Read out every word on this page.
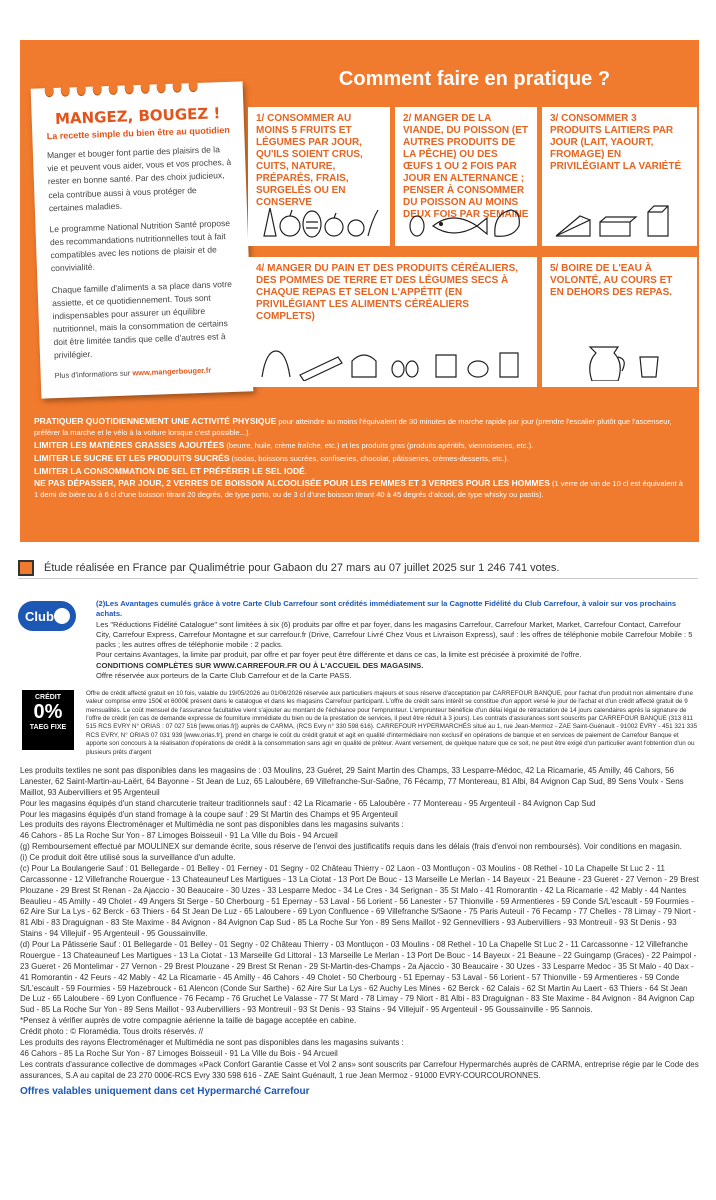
Comment faire en pratique ?
MANGEZ, BOUGEZ !
La recette simple du bien être au quotidien

Manger et bouger font partie des plaisirs de la vie et peuvent vous aider, vous et vos proches, à rester en bonne santé. Par des choix judicieux, cela contribue aussi à vous protéger de certaines maladies.

Le programme National Nutrition Santé propose des recommandations nutritionnelles tout à fait compatibles avec les notions de plaisir et de convivialité.

Chaque famille d'aliments a sa place dans votre assiette, et ce quotidiennement. Tous sont indispensables pour assurer un équilibre nutritionnel, mais la consommation de certains doit être limitée tandis que celle d'autres est à privilégier.

Plus d'informations sur www.mangerbouger.fr
1/ CONSOMMER AU MOINS 5 FRUITS ET LÉGUMES PAR JOUR, QU'ILS SOIENT CRUS, CUITS, NATURE, PRÉPARÉS, FRAIS, SURGELÉS OU EN CONSERVE
2/ MANGER DE LA VIANDE, DU POISSON (ET AUTRES PRODUITS DE LA PÊCHE) OU DES ŒUFS 1 OU 2 FOIS PAR JOUR EN ALTERNANCE ; PENSER À CONSOMMER DU POISSON AU MOINS DEUX FOIS PAR SEMAINE
3/ CONSOMMER 3 PRODUITS LAITIERS PAR JOUR (LAIT, YAOURT, FROMAGE) EN PRIVILÉGIANT LA VARIÉTÉ
4/ MANGER DU PAIN ET DES PRODUITS CÉRÉALIERS, DES POMMES DE TERRE ET DES LÉGUMES SECS À CHAQUE REPAS ET SELON L'APPÉTIT (EN PRIVILÉGIANT LES ALIMENTS CÉRÉALIERS COMPLETS)
5/ BOIRE DE L'EAU À VOLONTÉ, AU COURS ET EN DEHORS DES REPAS.
PRATIQUER QUOTIDIENNEMENT UNE ACTIVITÉ PHYSIQUE pour atteindre au moins l'équivalent de 30 minutes de marche rapide par jour (prendre l'escalier plutôt que l'ascenseur, préférer la marche et le vélo à la voiture lorsque c'est possible...).
LIMITER LES MATIÈRES GRASSES AJOUTÉES (beurre, huile, crème fraîche, etc.) et les produits gras (produits apéritifs, viennoiseries, etc.).
LIMITER LE SUCRE ET LES PRODUITS SUCRÉS (sodas, boissons sucrées, confiseries, chocolat, pâtisseries, crèmes-desserts, etc.).
LIMITER LA CONSOMMATION DE SEL ET PRÉFÉRER LE SEL IODÉ.
NE PAS DÉPASSER, PAR JOUR, 2 VERRES DE BOISSON ALCOOLISÉE POUR LES FEMMES ET 3 VERRES POUR LES HOMMES (1 verre de vin de 10 cl est équivalent à 1 demi de bière ou à 6 cl d'une boisson titrant 20 degrés, de type porto, ou de 3 cl d'une boisson titrant 40 à 45 degrés d'alcool, de type whisky ou pastis).
Étude réalisée en France par Qualimétrie pour Gabaon du 27 mars au 07 juillet 2025 sur 1 246 741 votes.
Club
(2)Les Avantages cumulés grâce à votre Carte Club Carrefour sont crédités immédiatement sur la Cagnotte Fidélité du Club Carrefour, à valoir sur vos prochains achats.
Les "Réductions Fidélité Catalogue" sont limitées à six (6) produits par offre et par foyer, dans les magasins Carrefour, Carrefour Market, Market, Carrefour Contact, Carrefour City, Carrefour Express, Carrefour Montagne et sur carrefour.fr (Drive, Carrefour Livré Chez Vous et Livraison Express), sauf : les offres de téléphonie mobile Carrefour Mobile : 5 packs ; les autres offres de téléphonie mobile : 2 packs.
Pour certains Avantages, la limite par produit, par offre et par foyer peut être différente et dans ce cas, la limite est précisée à proximité de l'offre.
CONDITIONS COMPLÈTES SUR WWW.CARREFOUR.FR OU À L'ACCUEIL DES MAGASINS.
Offre réservée aux porteurs de la Carte Club Carrefour et de la Carte PASS.
CRÉDIT
0%
TAEG FIXE
Offre de crédit affecté gratuit en 10 fois, valable du 19/05/2026 au 01/06/2026 réservée aux particuliers majeurs et sous réserve d'acceptation par CARREFOUR BANQUE, pour l'achat d'un produit non alimentaire d'une valeur comprise entre 150€ et 6000€ présent dans le catalogue et dans les magasins Carrefour participant. L'offre de crédit sans intérêt se constitue d'un apport versé le jour de l'achat et d'un crédit affecté gratuit de 9 mensualités. Le coût mensuel de l'assurance facultative vient s'ajouter au montant de l'échéance pour l'emprunteur. L'emprunteur bénéficie d'un délai légal de rétractation de 14 jours calendaires après la signature de l'offre de crédit (en cas de demande expresse de fourniture immédiate du bien ou de la prestation de services, il peut être réduit à 3 jours). Les contrats d'assurances sont souscrits par CARREFOUR BANQUE (313 811 515 RCS EVRY N° ORIAS : 07 027 516 [www.orias.fr]) auprès de CARMA, (RCS Evry n° 330 598 616). CARREFOUR HYPERMARCHÉS situé au 1, rue Jean-Mermoz - ZAE Saint-Guénault - 91002 ÉVRY - 451 321 335 RCS EVRY, N° ORIAS 07 031 939 [www.orias.fr], prend en charge le coût du crédit gratuit et agit en qualité d'intermédiaire non exclusif en opérations de banque et en services de paiement de Carrefour Banque et apporte son concours à la réalisation d'opérations de crédit à la consommation sans agir en qualité de prêteur. Avant versement, de quelque nature que ce soit, ne peut être exigé d'un particulier avant l'obtention d'un ou plusieurs prêts d'argent

Les produits textiles ne sont pas disponibles dans les magasins de : 03 Moulins, 23 Guéret, 29 Saint Martin des Champs, 33 Lesparre-Médoc, 42 La Ricamarie, 45 Amilly, 46 Cahors, 56 Lanester, 62 Saint-Martin-au-Laërt, 64 Bayonne - St Jean de Luz, 65 Laloubère, 69 Villefranche-Sur-Saône, 76 Fécamp, 77 Montereau, 81 Albi, 84 Avignon Cap Sud, 89 Sens Voulx - Sens Maillot, 93 Aubervilliers et 95 Argenteuil

Pour les magasins équipés d'un stand charcuterie traiteur traditionnels sauf : 42 La Ricamarie - 65 Laloubère - 77 Montereau - 95 Argenteuil - 84 Avignon Cap Sud

Pour les magasins équipés d'un stand fromage à la coupe sauf : 29 St Martin des Champs et 95 Argenteuil

Les produits des rayons Électroménager et Multimédia ne sont pas disponibles dans les magasins suivants :

46 Cahors - 85 La Roche Sur Yon - 87 Limoges Boisseuil - 91 La Ville du Bois - 94 Arcueil

(g) Remboursement effectué par MOULINEX sur demande écrite, sous réserve de l'envoi des justificatifs requis dans les délais (frais d'envoi non remboursés). Voir conditions en magasin.

(i) Ce produit doit être utilisé sous la surveillance d'un adulte.

(c) Pour La Boulangerie Sauf : 01 Bellegarde - 01 Belley - 01 Ferney - 01 Segny - 02 Château Thierry - 02 Laon - 03 Montluçon - 03 Moulins - 08 Rethel - 10 La Chapelle St Luc 2 - 11 Carcassonne - 12 Villefranche Rouergue - 13 Chateauneuf Les Martigues - 13 La Ciotat - 13 Port De Bouc - 13 Marseille Le Merlan - 14 Bayeux - 21 Beaune - 23 Gueret - 27 Vernon - 29 Brest Plouzane - 29 Brest St Renan - 2a Ajaccio - 30 Beaucaire - 30 Uzes - 33 Lesparre Medoc - 34 Le Cres - 34 Serignan - 35 St Malo - 41 Romorantin - 42 La Ricamarie - 42 Mably - 44 Nantes Beaulieu - 45 Amilly - 49 Cholet - 49 Angers St Serge - 50 Cherbourg - 51 Epernay - 53 Laval - 56 Lorient - 56 Lanester - 57 Thionville - 59 Armentieres - 59 Conde S/L'escault - 59 Fourmies - 62 Aire Sur La Lys - 62 Berck - 63 Thiers - 64 St Jean De Luz - 65 Laloubere - 69 Lyon Confluence - 69 Villefranche S/Saone - 75 Paris Auteuil - 76 Fecamp - 77 Chelles - 78 Limay - 79 Niort - 81 Albi - 83 Draguignan - 83 Ste Maxime - 84 Avignon - 84 Avignon Cap Sud - 85 La Roche Sur Yon - 89 Sens Maillot - 92 Gennevilliers - 93 Aubervilliers - 93 Montreuil - 93 St Denis - 93 Stains - 94 Villejuif - 95 Argenteuil - 95 Goussainville.

(d) Pour La Pâtisserie Sauf : 01 Bellegarde - 01 Belley - 01 Segny - 02 Château Thierry - 03 Montluçon - 03 Moulins - 08 Rethel - 10 La Chapelle St Luc 2 - 11 Carcassonne - 12 Villefranche Rouergue - 13 Chateauneuf Les Martigues - 13 La Ciotat - 13 Marseille Gd Littoral - 13 Marseille Le Merlan - 13 Port De Bouc - 14 Bayeux - 21 Beaune - 22 Guingamp (Graces) - 22 Paimpol - 23 Gueret - 26 Montelimar - 27 Vernon - 29 Brest Plouzane - 29 Brest St Renan - 29 St-Martin-des-Champs - 2a Ajaccio - 30 Beaucaire - 30 Uzes - 33 Lesparre Medoc - 35 St Malo - 40 Dax - 41 Romorantin - 42 Feurs - 42 Mably - 42 La Ricamarie - 45 Amilly - 46 Cahors - 49 Cholet - 50 Cherbourg - 51 Epernay - 53 Laval - 56 Lorient - 57 Thionville - 59 Armentieres - 59 Conde S/L'escault - 59 Fourmies - 59 Hazebrouck - 61 Alencon (Conde Sur Sarthe) - 62 Aire Sur La Lys - 62 Auchy Les Mines - 62 Berck - 62 Calais - 62 St Martin Au Laert - 63 Thiers - 64 St Jean De Luz - 65 Laloubere - 69 Lyon Confluence - 76 Fecamp - 76 Gruchet Le Valasse - 77 St Mard - 78 Limay - 79 Niort - 81 Albi - 83 Draguignan - 83 Ste Maxime - 84 Avignon - 84 Avignon Cap Sud - 85 La Roche Sur Yon - 89 Sens Maillot - 93 Aubervilliers - 93 Montreuil - 93 St Denis - 93 Stains - 94 Villejuif - 95 Argenteuil - 95 Goussainville - 95 Sannois.

*Pensez à vérifier auprès de votre compagnie aérienne la taille de bagage acceptée en cabine.

Crédit photo : © Floramédia. Tous droits réservés. //

Les produits des rayons Électroménager et Multimédia ne sont pas disponibles dans les magasins suivants :

46 Cahors - 85 La Roche Sur Yon - 87 Limoges Boisseuil - 91 La Ville du Bois - 94 Arcueil

Les contrats d'assurance collective de dommages «Pack Confort Garantie Casse et Vol 2 ans» sont souscrits par Carrefour Hypermarchés auprès de CARMA, entreprise régie par le Code des assurances, S.A au capital de 23 270 000€-RCS Evry 330 598 616 - ZAE Saint Guénault, 1 rue Jean Mermoz - 91000 EVRY-COURCOURONNES.

Offres valables uniquement dans cet Hypermarché Carrefour
